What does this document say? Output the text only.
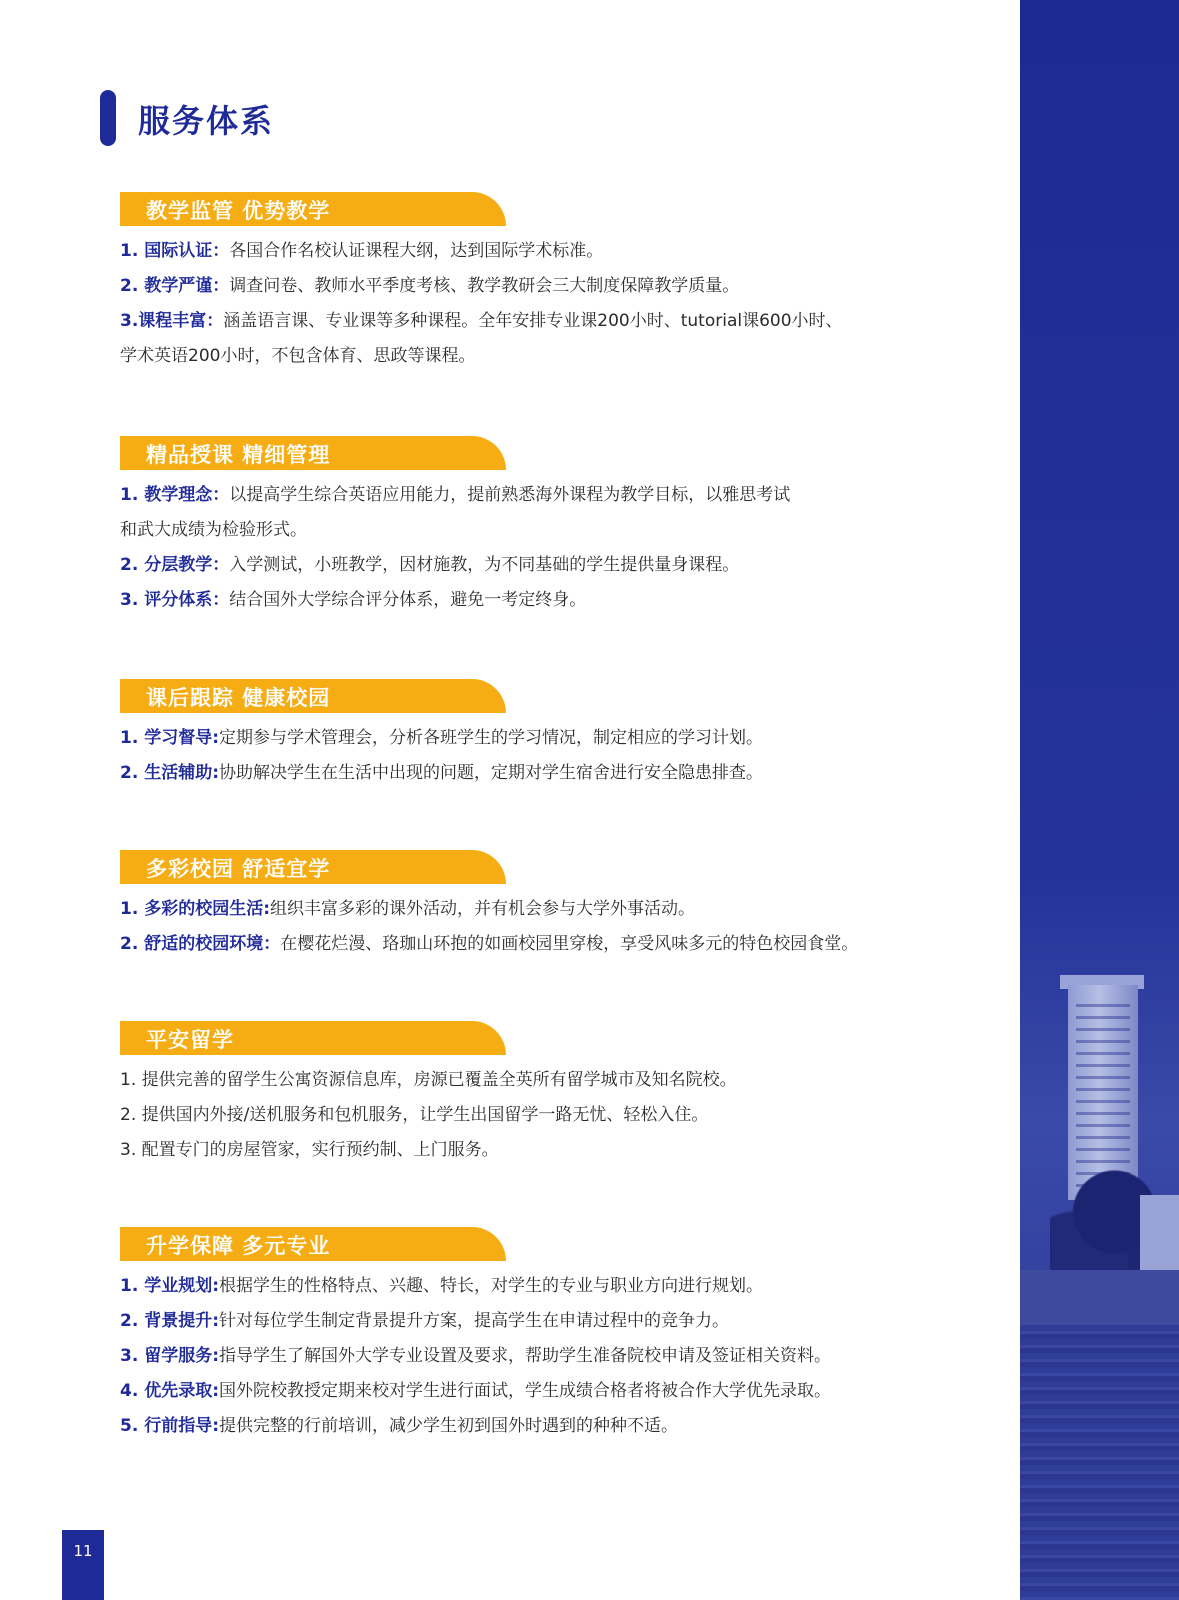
服务体系
教学监管 优势教学
1. 国际认证：各国合作名校认证课程大纲，达到国际学术标准。
2. 教学严谨：调查问卷、教师水平季度考核、教学教研会三大制度保障教学质量。
3.课程丰富：涵盖语言课、专业课等多种课程。全年安排专业课200小时、tutorial课600小时、
学术英语200小时，不包含体育、思政等课程。
精品授课 精细管理
1. 教学理念：以提高学生综合英语应用能力，提前熟悉海外课程为教学目标，以雅思考试
和武大成绩为检验形式。
2. 分层教学：入学测试，小班教学，因材施教，为不同基础的学生提供量身课程。
3. 评分体系：结合国外大学综合评分体系，避免一考定终身。
课后跟踪 健康校园
1. 学习督导:定期参与学术管理会，分析各班学生的学习情况，制定相应的学习计划。
2. 生活辅助:协助解决学生在生活中出现的问题，定期对学生宿舍进行安全隐患排查。
多彩校园 舒适宜学
1. 多彩的校园生活:组织丰富多彩的课外活动，并有机会参与大学外事活动。
2. 舒适的校园环境：在樱花烂漫、珞珈山环抱的如画校园里穿梭，享受风味多元的特色校园食堂。
平安留学
1. 提供完善的留学生公寓资源信息库，房源已覆盖全英所有留学城市及知名院校。
2. 提供国内外接/送机服务和包机服务，让学生出国留学一路无忧、轻松入住。
3. 配置专门的房屋管家，实行预约制、上门服务。
升学保障 多元专业
1. 学业规划:根据学生的性格特点、兴趣、特长，对学生的专业与职业方向进行规划。
2. 背景提升:针对每位学生制定背景提升方案，提高学生在申请过程中的竞争力。
3. 留学服务:指导学生了解国外大学专业设置及要求，帮助学生准备院校申请及签证相关资料。
4. 优先录取:国外院校教授定期来校对学生进行面试，学生成绩合格者将被合作大学优先录取。
5. 行前指导:提供完整的行前培训，减少学生初到国外时遇到的种种不适。
11
